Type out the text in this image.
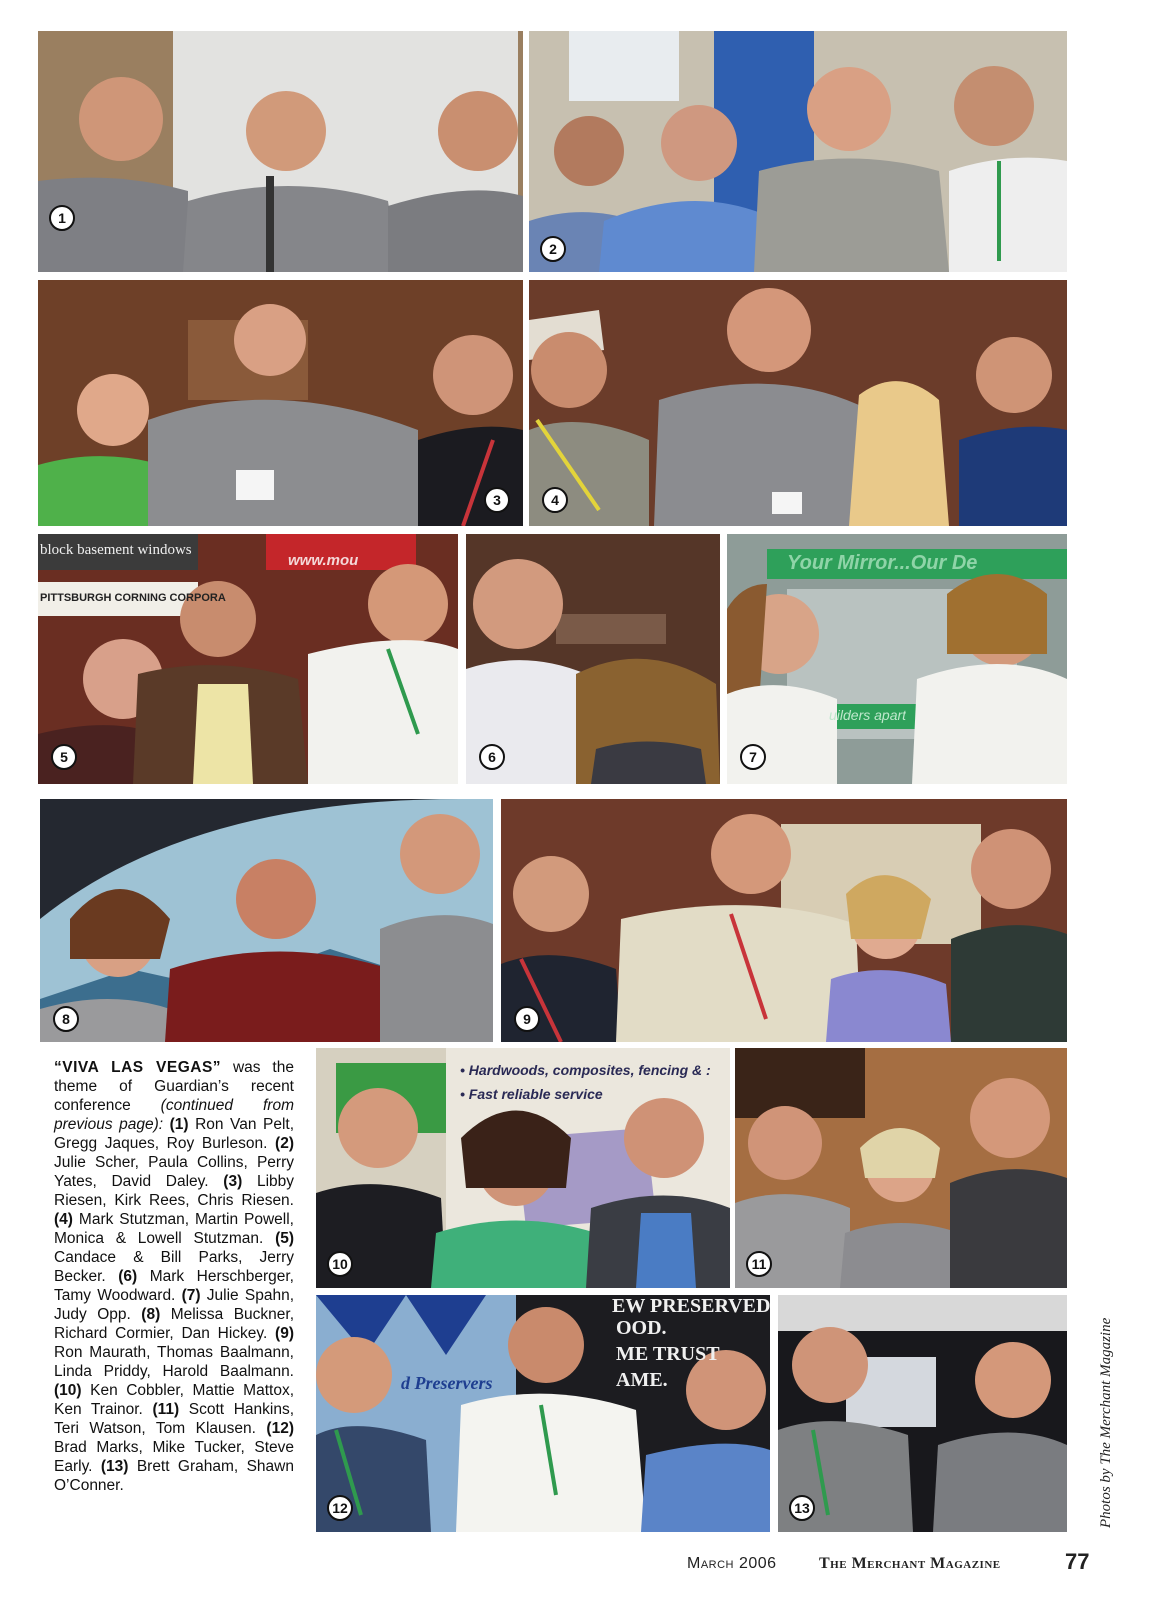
1
2
3	4
block basement windows
PITTSBURGH CORNING CORPORA
www.mou
5	6
Your Mirror...Our De
uilders apart
7
8	9
• Hardwoods, composites, fencing & :
• Fast reliable service
10	11
d Preservers
EW PRESERVED
OOD.
ME TRUST
AME.
12	13
“VIVA LAS VEGAS” was the theme of Guardian’s recent conference (continued from previous page): (1) Ron Van Pelt, Gregg Jaques, Roy Burleson. (2) Julie Scher, Paula Collins, Perry Yates, David Daley. (3) Libby Riesen, Kirk Rees, Chris Riesen. (4) Mark Stutzman, Martin Powell, Monica & Lowell Stutzman. (5) Candace & Bill Parks, Jerry Becker. (6) Mark Herschberger, Tamy Woodward. (7) Julie Spahn, Judy Opp. (8) Melissa Buckner, Richard Cormier, Dan Hickey. (9) Ron Maurath, Thomas Baalmann, Linda Priddy, Harold Baalmann. (10) Ken Cobbler, Mattie Mattox, Ken Trainor. (11) Scott Hankins, Teri Watson, Tom Klausen. (12) Brad Marks, Mike Tucker, Steve Early. (13) Brett Graham, Shawn O’Conner.	Photos by The Merchant Magazine
March 2006	The Merchant Magazine	77
